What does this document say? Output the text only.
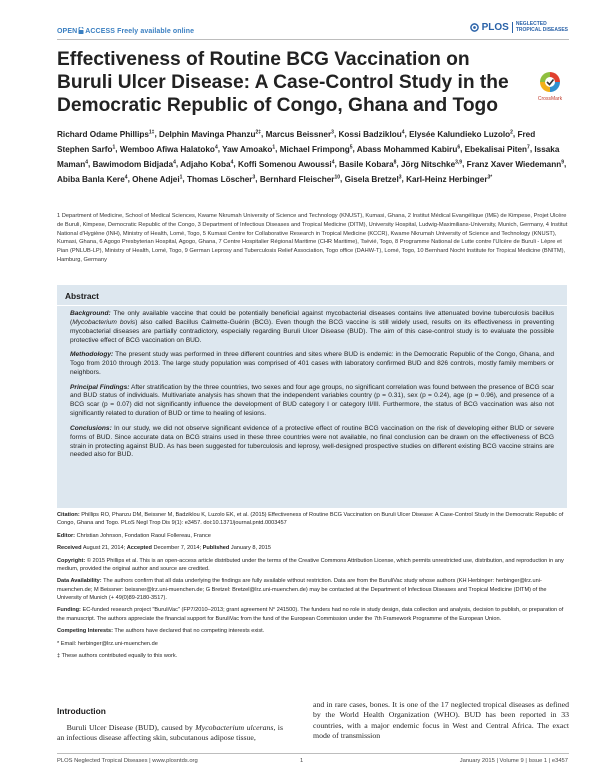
OPEN ACCESS Freely available online	PLOS	NEGLECTED
TROPICAL DISEASES
Effectiveness of Routine BCG Vaccination on Buruli Ulcer Disease: A Case-Control Study in the Democratic Republic of Congo, Ghana and Togo	CrossMark
Richard Odame Phillips$^{1\ddagger}$, Delphin Mavinga Phanzu$^{2\ddagger}$, Marcus Beissner$^3$, Kossi Badziklou$^4$, Elysée Kalundieko Luzolo$^2$, Fred Stephen Sarfo$^1$, Wemboo Afiwa Halatoko$^4$, Yaw Amoako$^1$, Michael Frimpong$^5$, Abass Mohammed Kabiru$^6$, Ebekalisai Piten$^7$, Issaka Maman$^4$, Bawimodom Bidjada$^4$, Adjaho Koba$^4$, Koffi Somenou Awoussi$^4$, Basile Kobara$^8$, Jörg Nitschke$^{3,9}$, Franz Xaver Wiedemann$^9$, Abiba Banla Kere$^4$, Ohene Adjei$^1$, Thomas Löscher$^3$, Bernhard Fleischer$^{10}$, Gisela Bretzel$^3$, Karl-Heinz Herbinger$^{3*}$
1 Department of Medicine, School of Medical Sciences, Kwame Nkrumah University of Science and Technology (KNUST), Kumasi, Ghana, 2 Institut Médical Evangélique (IME) de Kimpese, Projet Ulcère de Buruli, Kimpese, Democratic Republic of the Congo, 3 Department of Infectious Diseases and Tropical Medicine (DITM), University Hospital, Ludwig-Maximilians-University, Munich, Germany, 4 Institut National d'Hygiène (INH), Ministry of Health, Lomé, Togo, 5 Kumasi Centre for Collaborative Research in Tropical Medicine (KCCR), Kwame Nkrumah University of Science and Technology (KNUST), Kumasi, Ghana, 6 Agogo Presbyterian Hospital, Agogo, Ghana, 7 Centre Hospitalier Régional Maritime (CHR Maritime), Tsévié, Togo, 8 Programme National de Lutte contre l'Ulcère de Buruli - Lèpre et Pian (PNLUB-LP), Ministry of Health, Lomé, Togo, 9 German Leprosy and Tuberculosis Relief Association, Togo office (DAHW-T), Lomé, Togo, 10 Bernhard Nocht Institute for Tropical Medicine (BNITM), Hamburg, Germany
Abstract

Background: The only available vaccine that could be potentially beneficial against mycobacterial diseases contains live attenuated bovine tuberculosis bacillus (Mycobacterium bovis) also called Bacillus Calmette-Guérin (BCG). Even though the BCG vaccine is still widely used, results on its effectiveness in preventing mycobacterial diseases are partially contradictory, especially regarding Buruli Ulcer Disease (BUD). The aim of this case-control study is to evaluate the possible protective effect of BCG vaccination on BUD.

Methodology: The present study was performed in three different countries and sites where BUD is endemic: in the Democratic Republic of the Congo, Ghana, and Togo from 2010 through 2013. The large study population was comprised of 401 cases with laboratory confirmed BUD and 826 controls, mostly family members or neighbors.

Principal Findings: After stratification by the three countries, two sexes and four age groups, no significant correlation was found between the presence of BCG scar and BUD status of individuals. Multivariate analysis has shown that the independent variables country (p = 0.31), sex (p = 0.24), age (p = 0.96), and presence of a BCG scar (p = 0.07) did not significantly influence the development of BUD category I or category II/III. Furthermore, the status of BCG vaccination was also not significantly related to duration of BUD or time to healing of lesions.

Conclusions: In our study, we did not observe significant evidence of a protective effect of routine BCG vaccination on the risk of developing either BUD or severe forms of BUD. Since accurate data on BCG strains used in these three countries were not available, no final conclusion can be drawn on the effectiveness of BCG strain in protecting against BUD. As has been suggested for tuberculosis and leprosy, well-designed prospective studies on different existing BCG vaccine strains are needed also for BUD.

Citation: Phillips RO, Phanzu DM, Beissner M, Badziklou K, Luzolo EK, et al. (2015) Effectiveness of Routine BCG Vaccination on Buruli Ulcer Disease: A Case-Control Study in the Democratic Republic of Congo, Ghana and Togo. PLoS Negl Trop Dis 9(1): e3457. doi:10.1371/journal.pntd.0003457

Editor: Christian Johnson, Fondation Raoul Follereau, France

Received August 21, 2014; Accepted December 7, 2014; Published January 8, 2015

Copyright: © 2015 Phillips et al. This is an open-access article distributed under the terms of the Creative Commons Attribution License, which permits unrestricted use, distribution, and reproduction in any medium, provided the original author and source are credited.

Data Availability: The authors confirm that all data underlying the findings are fully available without restriction. Data are from the BuruliVac study whose authors (KH Herbinger: herbinger@lrz.uni-muenchen.de; M Beissner: beissner@lrz.uni-muenchen.de; G Bretzel: Bretzel@lrz.uni-muenchen.de) may be contacted at the Department of Infectious Diseases and Tropical Medicine (DITM) of the University of Munich (+ 49(0)89-2180-3517).

Funding: EC-funded research project "BuruliVac" (FP7/2010–2013; grant agreement N° 241500). The funders had no role in study design, data collection and analysis, decision to publish, or preparation of the manuscript. The authors appreciate the financial support for BuruliVac from the fund of the European Commission under the 7th Framework Programme of the European Union.

Competing Interests: The authors have declared that no competing interests exist.

* Email: herbinger@lrz.uni-muenchen.de

‡ These authors contributed equally to this work.

Introduction

Buruli Ulcer Disease (BUD), caused by Mycobacterium ulcerans, is an infectious disease affecting skin, subcutanous adipose tissue,

and in rare cases, bones. It is one of the 17 neglected tropical diseases as defined by the World Health Organization (WHO). BUD has been reported in 33 countries, with a major endemic focus in West and Central Africa. The exact mode of transmission

PLOS Neglected Tropical Diseases | www.plosntds.org	1	January 2015 | Volume 9 | Issue 1 | e3457
